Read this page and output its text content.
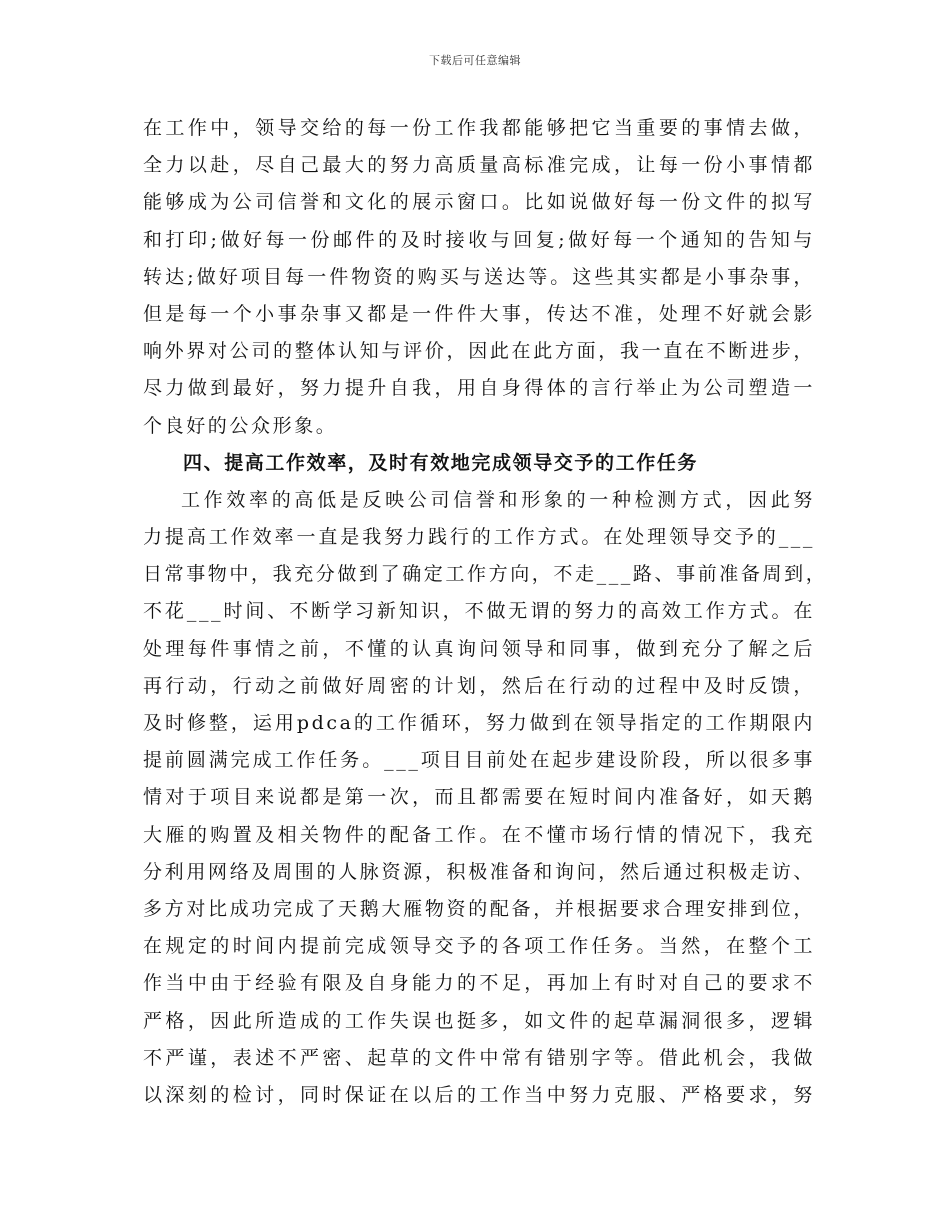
下载后可任意编辑
在工作中，领导交给的每一份工作我都能够把它当重要的事情去做，
全力以赴，尽自己最大的努力高质量高标准完成，让每一份小事情都
能够成为公司信誉和文化的展示窗口。比如说做好每一份文件的拟写
和打印;做好每一份邮件的及时接收与回复;做好每一个通知的告知与
转达;做好项目每一件物资的购买与送达等。这些其实都是小事杂事，
但是每一个小事杂事又都是一件件大事，传达不准，处理不好就会影
响外界对公司的整体认知与评价，因此在此方面，我一直在不断进步，
尽力做到最好，努力提升自我，用自身得体的言行举止为公司塑造一
个良好的公众形象。
四、提高工作效率，及时有效地完成领导交予的工作任务
工作效率的高低是反映公司信誉和形象的一种检测方式，因此努
力提高工作效率一直是我努力践行的工作方式。在处理领导交予的___
日常事物中，我充分做到了确定工作方向，不走___路、事前准备周到，
不花___时间、不断学习新知识，不做无谓的努力的高效工作方式。在
处理每件事情之前，不懂的认真询问领导和同事，做到充分了解之后
再行动，行动之前做好周密的计划，然后在行动的过程中及时反馈，
及时修整，运用pdca的工作循环，努力做到在领导指定的工作期限内
提前圆满完成工作任务。___项目目前处在起步建设阶段，所以很多事
情对于项目来说都是第一次，而且都需要在短时间内准备好，如天鹅
大雁的购置及相关物件的配备工作。在不懂市场行情的情况下，我充
分利用网络及周围的人脉资源，积极准备和询问，然后通过积极走访、
多方对比成功完成了天鹅大雁物资的配备，并根据要求合理安排到位，
在规定的时间内提前完成领导交予的各项工作任务。当然，在整个工
作当中由于经验有限及自身能力的不足，再加上有时对自己的要求不
严格，因此所造成的工作失误也挺多，如文件的起草漏洞很多，逻辑
不严谨，表述不严密、起草的文件中常有错别字等。借此机会，我做
以深刻的检讨，同时保证在以后的工作当中努力克服、严格要求，努
